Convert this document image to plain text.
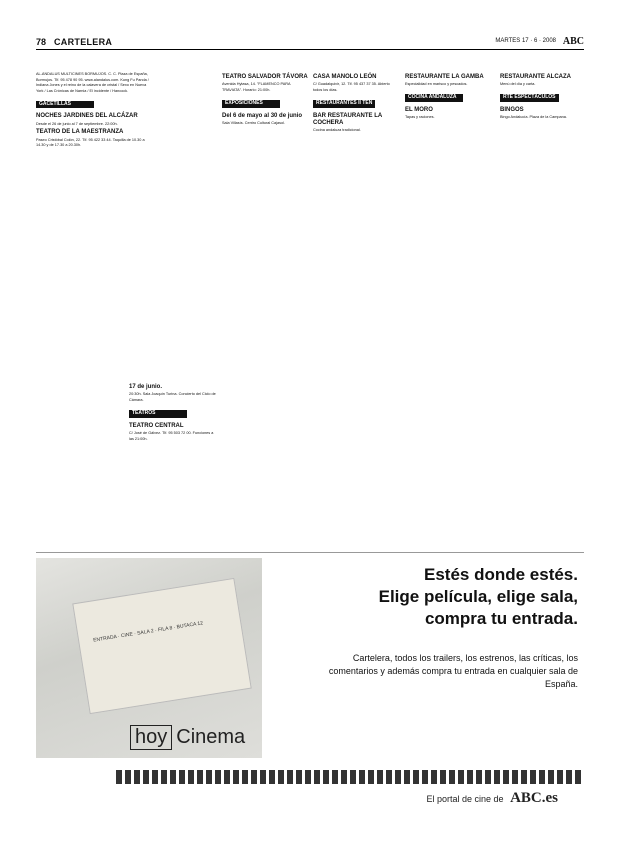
78 CARTELERA	MARTES 17 · 6 · 2008 ABC

AL-ÁNDALUS MULTICINES BORMUJOS. C. C. Plaza de España, Bormujos. Tlf. 95 478 90 95. www.alandalus.com. Kung Fu Panda / Indiana Jones y el reino de la calavera de cristal / Sexo en Nueva York / Las Crónicas de Narnia / El incidente / Hancock.

GACETILLAS

NOCHES JARDINES DEL ALCÁZAR

Desde el 26 de junio al 7 de septiembre. 22:00h.

TEATRO DE LA MAESTRANZA

Paseo Cristóbal Colón, 22. Tlf. 95 422 33 44. Taquilla de 10.30 a 14.30 y de 17.30 a 20.30h.

17 de junio.

20:30h. Sala Joaquín Turina. Concierto del Ciclo de Cámara.

TEATROS

TEATRO CENTRAL

C/ José de Gálvez. Tlf. 95 503 72 00. Funciones a las 21:00h.

TEATRO SALVADOR TÁVORA

Avenida Hytasa, 14. "FLAMENCO PARA TRAVIATA". Horario: 21:00h.

EXPOSICIONES

Del 6 de mayo al 30 de junio

Sala Villasís. Centro Cultural Cajasol.

CASA MANOLO LEÓN

C/ Guadalquivir, 12. Tlf. 95 437 37 35. Abierto todos los días.

RESTAURANTES II TEN

BAR RESTAURANTE LA COCHERA

Cocina andaluza tradicional.

RESTAURANTE LA GAMBA

Especialidad en marisco y pescados.

COCINA ANDALUZA

EL MORO

Tapas y raciones.

RESTAURANTE ALCAZA

Menú del día y carta.

RTE ESPECTÁCULOS

BINGOS

Bingo Andalucía. Plaza de la Campana.

ENTRADA · CINE · SALA 2 · FILA 8 · BUTACA 12
Estés donde estés.
Elige película, elige sala,
compra tu entrada.
Cartelera, todos los trailers, los estrenos, las críticas, los comentarios y además compra tu entrada en cualquier sala de España.
hoy Cinema
El portal de cine de ABC.es
